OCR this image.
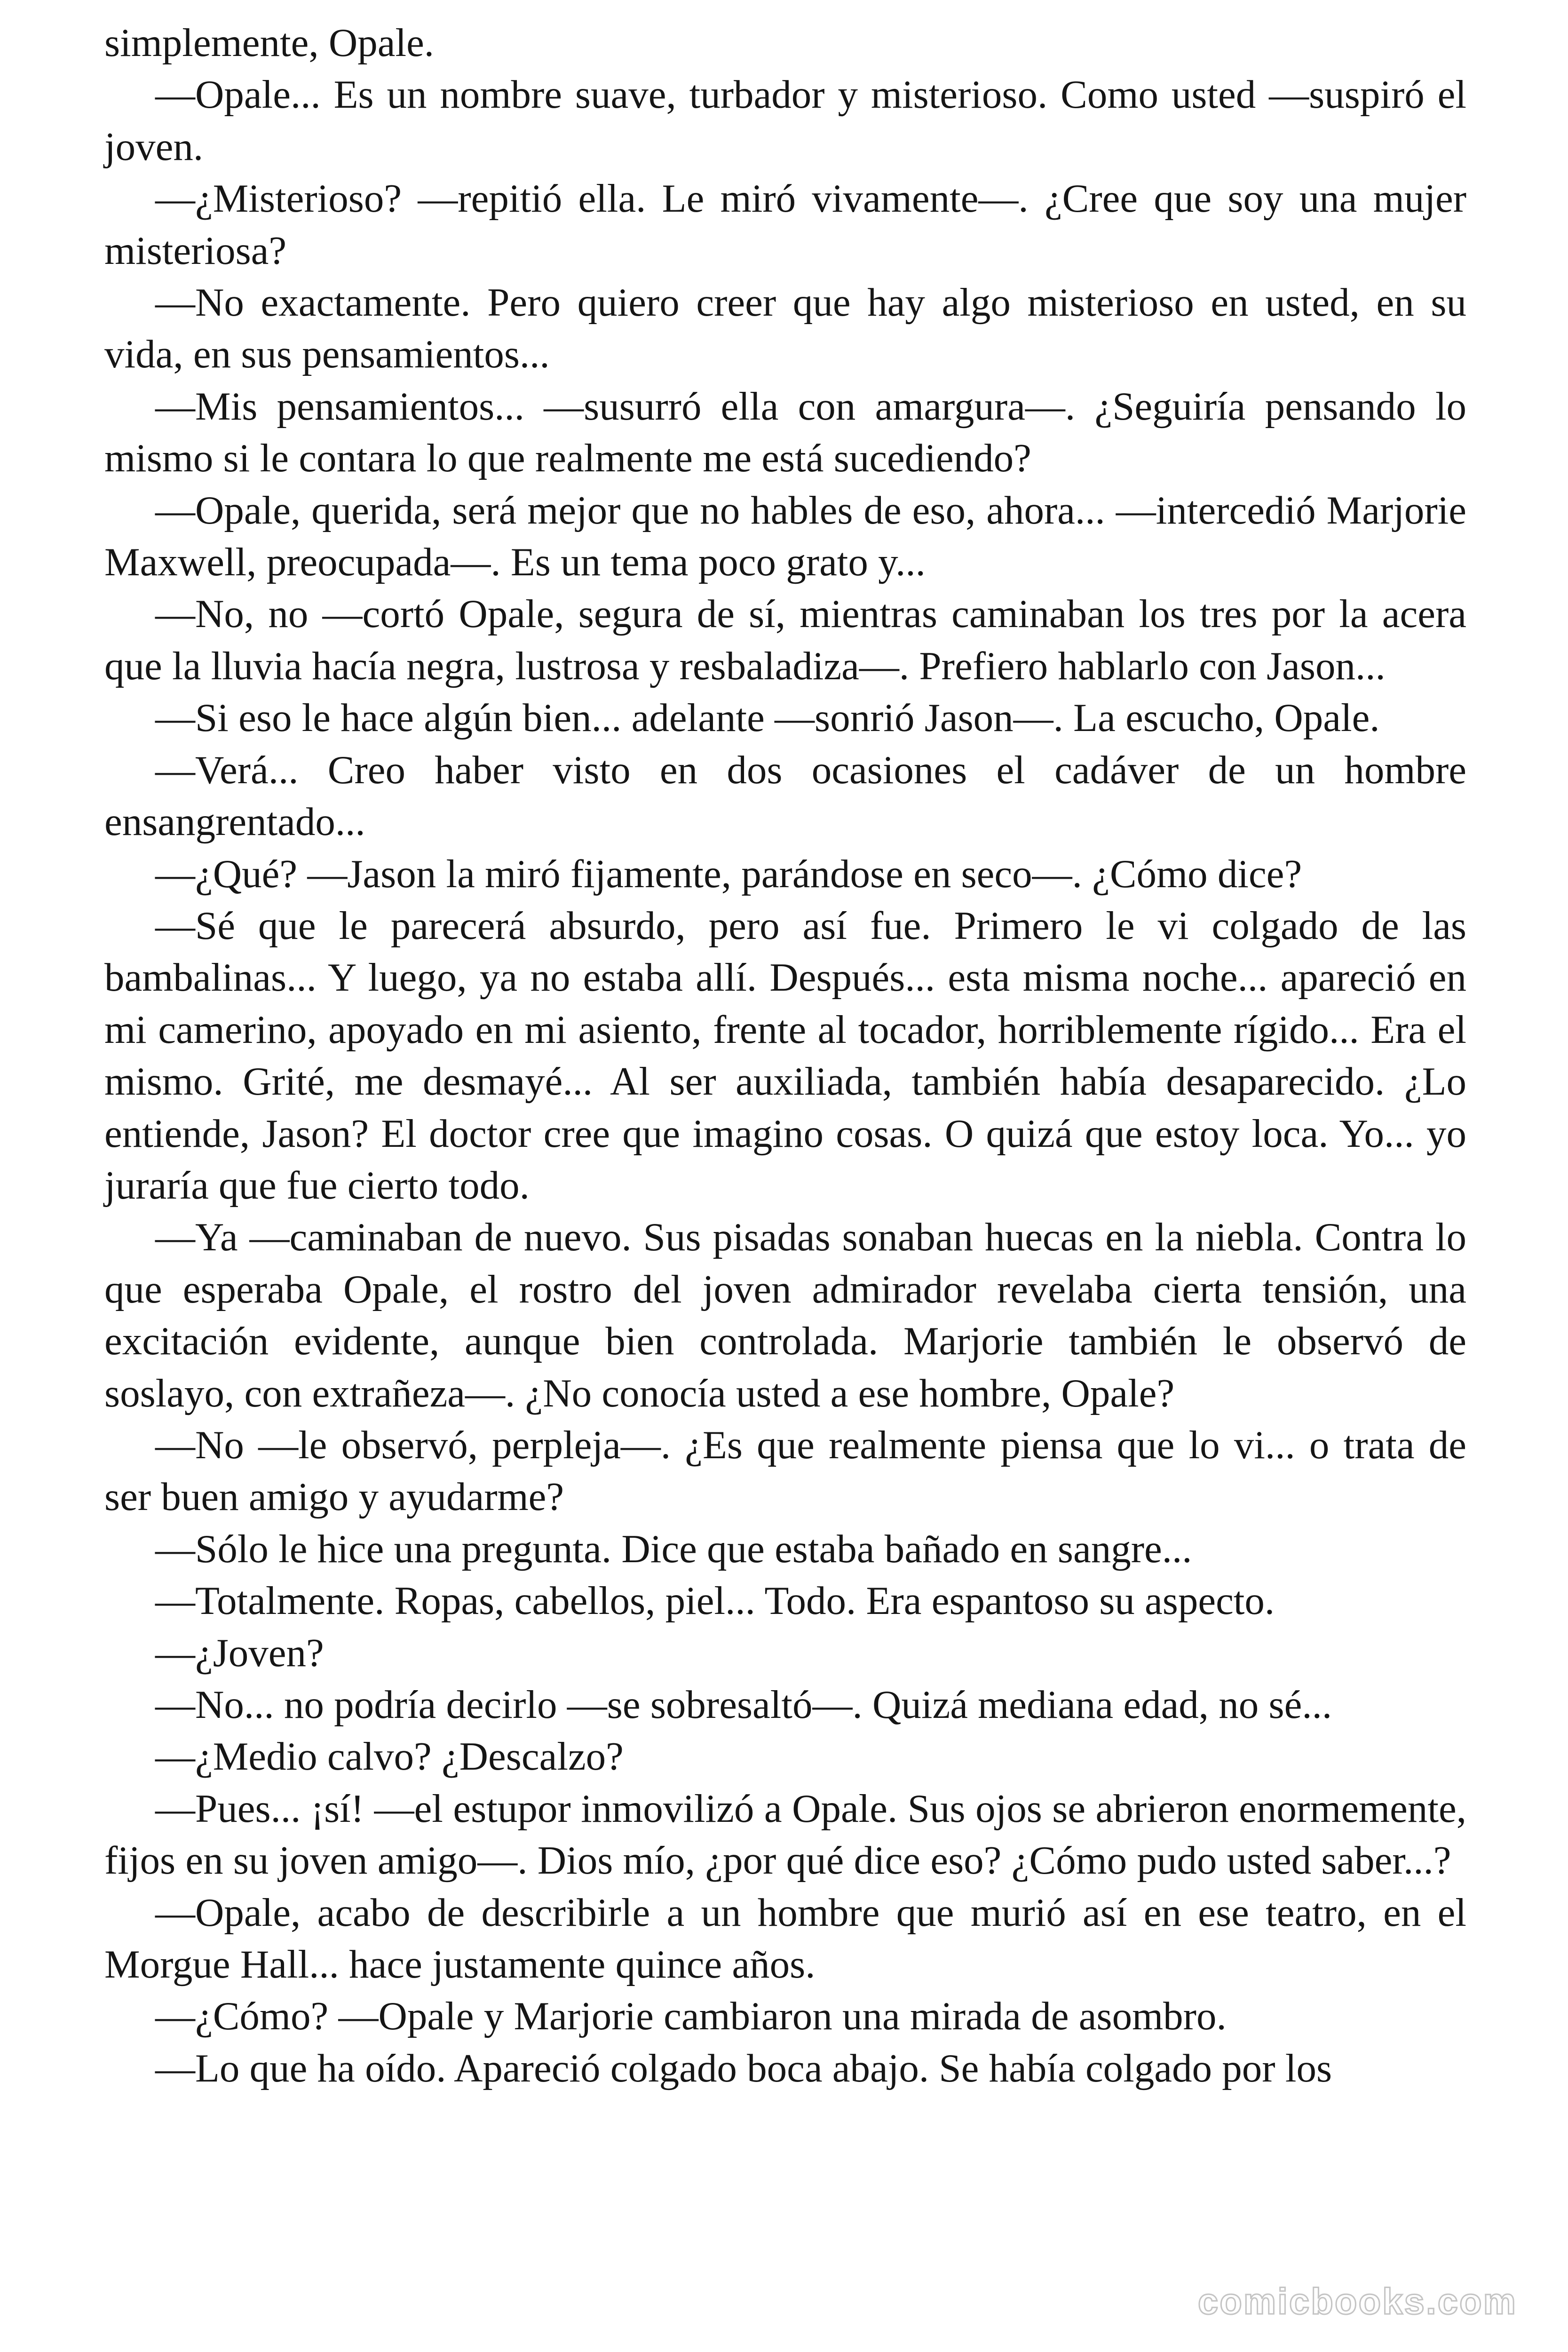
simplemente, Opale.

—Opale... Es un nombre suave, turbador y misterioso. Como usted —suspiró el joven.

—¿Misterioso? —repitió ella. Le miró vivamente—. ¿Cree que soy una mujer misteriosa?

—No exactamente. Pero quiero creer que hay algo misterioso en usted, en su vida, en sus pensamientos...

—Mis pensamientos... —susurró ella con amargura—. ¿Seguiría pensando lo mismo si le contara lo que realmente me está sucediendo?

—Opale, querida, será mejor que no hables de eso, ahora... —intercedió Marjorie Maxwell, preocupada—. Es un tema poco grato y...

—No, no —cortó Opale, segura de sí, mientras caminaban los tres por la acera que la lluvia hacía negra, lustrosa y resbaladiza—. Prefiero hablarlo con Jason...

—Si eso le hace algún bien... adelante —sonrió Jason—. La escucho, Opale.

—Verá... Creo haber visto en dos ocasiones el cadáver de un hombre ensangrentado...

—¿Qué? —Jason la miró fijamente, parándose en seco—. ¿Cómo dice?

—Sé que le parecerá absurdo, pero así fue. Primero le vi colgado de las bambalinas... Y luego, ya no estaba allí. Después... esta misma noche... apareció en mi camerino, apoyado en mi asiento, frente al tocador, horriblemente rígido... Era el mismo. Grité, me desmayé... Al ser auxiliada, también había desaparecido. ¿Lo entiende, Jason? El doctor cree que imagino cosas. O quizá que estoy loca. Yo... yo juraría que fue cierto todo.

—Ya —caminaban de nuevo. Sus pisadas sonaban huecas en la niebla. Contra lo que esperaba Opale, el rostro del joven admirador revelaba cierta tensión, una excitación evidente, aunque bien controlada. Marjorie también le observó de soslayo, con extrañeza—. ¿No conocía usted a ese hombre, Opale?

—No —le observó, perpleja—. ¿Es que realmente piensa que lo vi... o trata de ser buen amigo y ayudarme?

—Sólo le hice una pregunta. Dice que estaba bañado en sangre...

—Totalmente. Ropas, cabellos, piel... Todo. Era espantoso su aspecto.

—¿Joven?

—No... no podría decirlo —se sobresaltó—. Quizá mediana edad, no sé...

—¿Medio calvo? ¿Descalzo?

—Pues... ¡sí! —el estupor inmovilizó a Opale. Sus ojos se abrieron enormemente, fijos en su joven amigo—. Dios mío, ¿por qué dice eso? ¿Cómo pudo usted saber...?

—Opale, acabo de describirle a un hombre que murió así en ese teatro, en el Morgue Hall... hace justamente quince años.

—¿Cómo? —Opale y Marjorie cambiaron una mirada de asombro.

—Lo que ha oído. Apareció colgado boca abajo. Se había colgado por los

comicbooks.com
